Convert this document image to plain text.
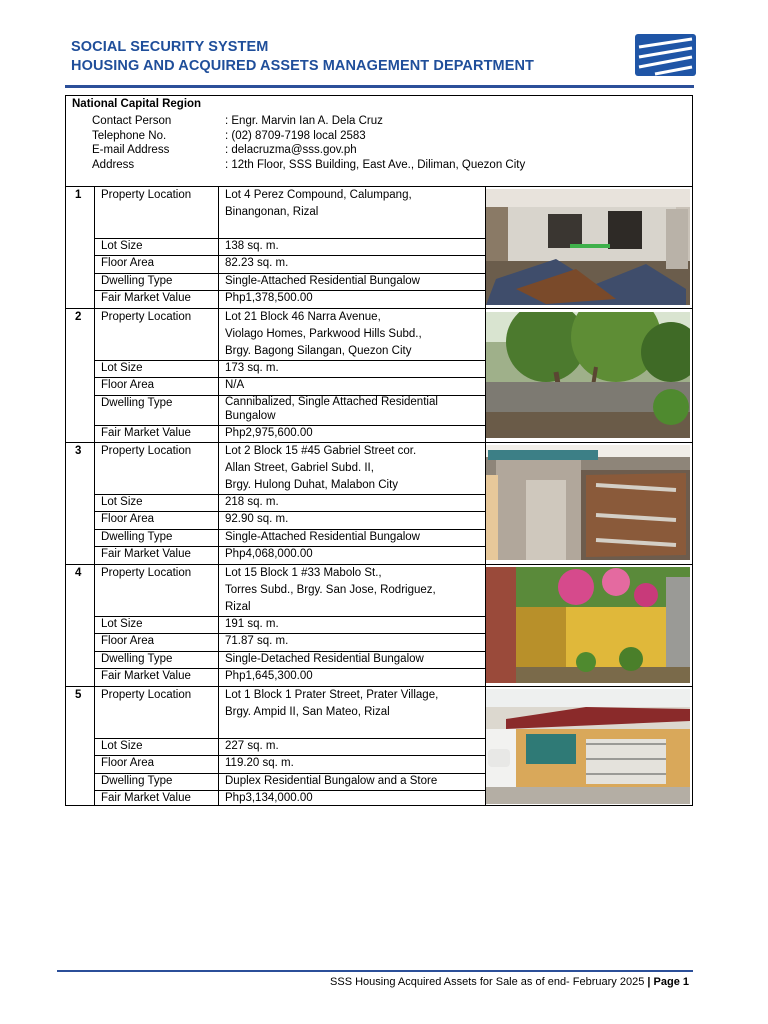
SOCIAL SECURITY SYSTEM
HOUSING AND ACQUIRED ASSETS MANAGEMENT DEPARTMENT
National Capital Region
Contact Person	: Engr. Marvin Ian A. Dela Cruz
Telephone No.	: (02) 8709-7198 local 2583
E-mail Address	: delacruzma@sss.gov.ph
Address	: 12th Floor, SSS Building, East Ave., Diliman, Quezon City
1 Property Location	Lot 4 Perez Compound, Calumpang,
Binangonan, Rizal
Lot Size	138 sq. m.
Floor Area	82.23 sq. m.
Dwelling Type	Single-Attached Residential Bungalow
Fair Market Value	Php1,378,500.00
2 Property Location	Lot 21 Block 46 Narra Avenue,
Violago Homes, Parkwood Hills Subd.,
Brgy. Bagong Silangan, Quezon City
Lot Size	173 sq. m.
Floor Area	N/A
Dwelling Type	Cannibalized, Single Attached Residential
Bungalow
Fair Market Value	Php2,975,600.00
3 Property Location	Lot 2 Block 15 #45 Gabriel Street cor.
Allan Street, Gabriel Subd. II,
Brgy. Hulong Duhat, Malabon City
Lot Size	218 sq. m.
Floor Area	92.90 sq. m.
Dwelling Type	Single-Attached Residential Bungalow
Fair Market Value	Php4,068,000.00
4 Property Location	Lot 15 Block 1 #33 Mabolo St.,
Torres Subd., Brgy. San Jose, Rodriguez,
Rizal
Lot Size	191 sq. m.
Floor Area	71.87 sq. m.
Dwelling Type	Single-Detached Residential Bungalow
Fair Market Value	Php1,645,300.00
5 Property Location	Lot 1 Block 1 Prater Street, Prater Village,
Brgy. Ampid II, San Mateo, Rizal
Lot Size	227 sq. m.
Floor Area	119.20 sq. m.
Dwelling Type	Duplex Residential Bungalow and a Store
Fair Market Value	Php3,134,000.00
SSS Housing Acquired Assets for Sale as of end- February 2025 | Page 1
